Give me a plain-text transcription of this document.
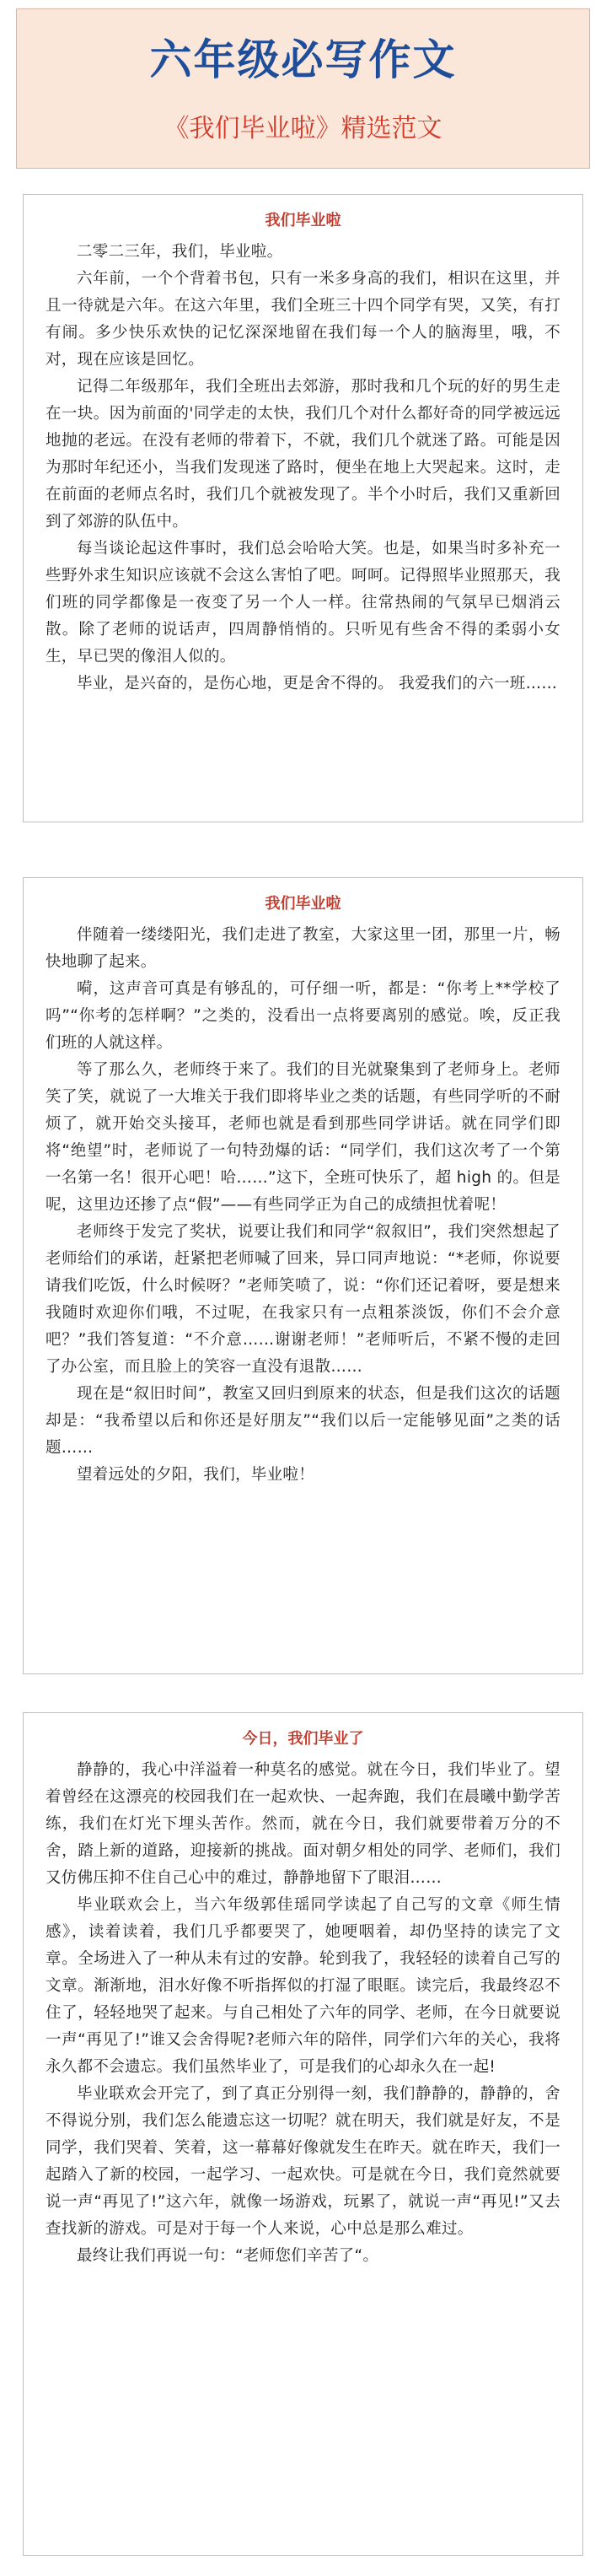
六年级必写作文
《我们毕业啦》精选范文
我们毕业啦

二零二三年，我们，毕业啦。

六年前，一个个背着书包，只有一米多身高的我们，相识在这里，并且一待就是六年。在这六年里，我们全班三十四个同学有哭，又笑，有打有闹。多少快乐欢快的记忆深深地留在我们每一个人的脑海里，哦，不对，现在应该是回忆。

记得二年级那年，我们全班出去郊游，那时我和几个玩的好的男生走在一块。因为前面的'同学走的太快，我们几个对什么都好奇的同学被远远地抛的老远。在没有老师的带着下，不就，我们几个就迷了路。可能是因为那时年纪还小，当我们发现迷了路时，便坐在地上大哭起来。这时，走在前面的老师点名时，我们几个就被发现了。半个小时后，我们又重新回到了郊游的队伍中。

每当谈论起这件事时，我们总会哈哈大笑。也是，如果当时多补充一些野外求生知识应该就不会这么害怕了吧。呵呵。记得照毕业照那天，我们班的同学都像是一夜变了另一个人一样。往常热闹的气氛早已烟消云散。除了老师的说话声，四周静悄悄的。只听见有些舍不得的柔弱小女生，早已哭的像泪人似的。

毕业，是兴奋的，是伤心地，更是舍不得的。 我爱我们的六一班……

我们毕业啦

伴随着一缕缕阳光，我们走进了教室，大家这里一团，那里一片，畅快地聊了起来。

嗬，这声音可真是有够乱的，可仔细一听，都是：“你考上**学校了吗”“你考的怎样啊？”之类的，没看出一点将要离别的感觉。唉，反正我们班的人就这样。

等了那么久，老师终于来了。我们的目光就聚集到了老师身上。老师笑了笑，就说了一大堆关于我们即将毕业之类的话题，有些同学听的不耐烦了，就开始交头接耳，老师也就是看到那些同学讲话。就在同学们即将“绝望”时，老师说了一句特劲爆的话：“同学们，我们这次考了一个第一名第一名！很开心吧！哈……”这下，全班可快乐了，超 high 的。但是呢，这里边还掺了点“假”——有些同学正为自己的成绩担忧着呢！

老师终于发完了奖状，说要让我们和同学“叙叙旧”，我们突然想起了老师给们的承诺，赶紧把老师喊了回来，异口同声地说：“*老师，你说要请我们吃饭，什么时候呀？”老师笑喷了，说：“你们还记着呀，要是想来我随时欢迎你们哦，不过呢，在我家只有一点粗茶淡饭，你们不会介意吧？”我们答复道：“不介意……谢谢老师！”老师听后，不紧不慢的走回了办公室，而且脸上的笑容一直没有退散……

现在是“叙旧时间”，教室又回归到原来的状态，但是我们这次的话题却是：“我希望以后和你还是好朋友”“我们以后一定能够见面”之类的话题……

望着远处的夕阳，我们，毕业啦！

今日，我们毕业了

静静的，我心中洋溢着一种莫名的感觉。就在今日，我们毕业了。望着曾经在这漂亮的校园我们在一起欢快、一起奔跑，我们在晨曦中勤学苦练，我们在灯光下埋头苦作。然而，就在今日，我们就要带着万分的不舍，踏上新的道路，迎接新的挑战。面对朝夕相处的同学、老师们，我们又仿佛压抑不住自己心中的难过，静静地留下了眼泪……

毕业联欢会上，当六年级郭佳瑶同学读起了自己写的文章《师生情感》，读着读着，我们几乎都要哭了，她哽咽着，却仍坚持的读完了文章。全场进入了一种从未有过的安静。轮到我了，我轻轻的读着自己写的文章。渐渐地，泪水好像不听指挥似的打湿了眼眶。读完后，我最终忍不住了，轻轻地哭了起来。与自己相处了六年的同学、老师，在今日就要说一声“再见了!”谁又会舍得呢?老师六年的陪伴，同学们六年的关心，我将永久都不会遗忘。我们虽然毕业了，可是我们的心却永久在一起!

毕业联欢会开完了，到了真正分别得一刻，我们静静的，静静的，舍不得说分别，我们怎么能遗忘这一切呢？就在明天，我们就是好友，不是同学，我们哭着、笑着，这一幕幕好像就发生在昨天。就在昨天，我们一起踏入了新的校园，一起学习、一起欢快。可是就在今日，我们竟然就要说一声“再见了!”这六年，就像一场游戏，玩累了，就说一声“再见!”又去查找新的游戏。可是对于每一个人来说，心中总是那么难过。

最终让我们再说一句：“老师您们辛苦了“。
